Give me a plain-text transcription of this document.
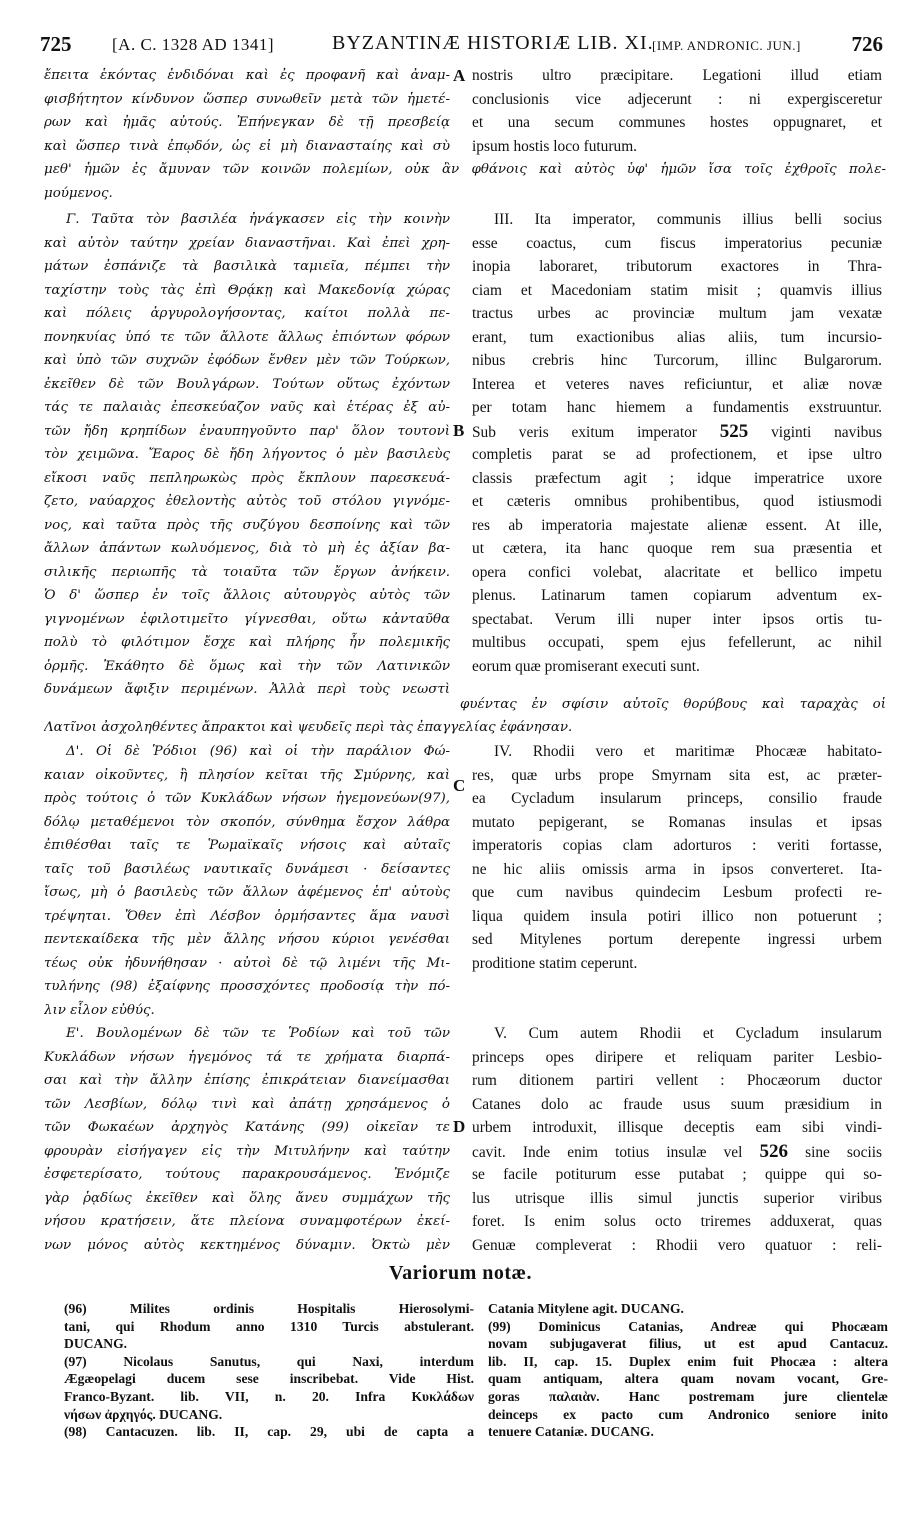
725 [A. C. 1328 AD 1341]	BYZANTINÆ HISTORIÆ LIB. XI.
[IMP. ANDRONIC. JUN.] 726
ἔπειτα ἑκόντας ἐνδιδόναι καὶ ἐς προφανῆ καὶ ἀναμ-
φισβήτητον κίνδυνον ὥσπερ συνωθεῖν μετὰ τῶν ἡμετέ-
ρων καὶ ἡμᾶς αὐτούς. Ἐπήνεγκαν δὲ τῇ πρεσβείᾳ
καὶ ὥσπερ τινὰ ἐπῳδόν, ὡς εἰ μὴ διαναστα‍ίης καὶ σὺ
A nostris ultro præcipitare. Legationi illud etiam
conclusionis vice adjecerunt : ni expergisceretur
et una secum communes hostes oppugnaret, et
ipsum hostis loco futurum.
μεθ' ἡμῶν ἐς ἄμυναν τῶν κοινῶν πολεμίων, οὐκ ἂν φθάνοις καὶ αὐτὸς ὑφ' ἡμῶν ἴσα τοῖς ἐχθροῖς πολε-
μούμενος.
Γ. Ταῦτα τὸν βασιλέα ἠνάγκασεν εἰς τὴν κοινὴν
καὶ αὐτὸν ταύτην χρείαν διαναστῆναι. Καὶ ἐπεὶ χρη-
μάτων ἐσπάνιζε τὰ βασιλικὰ ταμιεῖα, πέμπει τὴν
ταχίστην τοὺς τὰς ἐπὶ Θρᾴκῃ καὶ Μακεδονίᾳ χώρας
καὶ πόλεις ἀργυρολογήσοντας, καίτοι πολλὰ πε-
πονηκυίας ὑπό τε τῶν ἄλλοτε ἄλλως ἐπιόντων φόρων
καὶ ὑπὸ τῶν συχνῶν ἐφόδων ἔνθεν μὲν τῶν Τούρκων,
ἐκεῖθεν δὲ τῶν Βουλγάρων. Τούτων οὕτως ἐχόντων
τάς τε παλαιὰς ἐπεσκεύαζον ναῦς καὶ ἑτέρας ἐξ αὐ-
τῶν ἤδη κρηπίδων ἐναυπηγοῦντο παρ' ὅλον τουτονὶ
τὸν χειμῶνα. Ἔαρος δὲ ἤδη λήγοντος ὁ μὲν βασιλεὺς
εἴκοσι ναῦς πεπληρωκὼς πρὸς ἔκπλουν παρεσκευά-
ζετο, ναύαρχος ἐθελοντὴς αὐτὸς τοῦ στόλου γιγνόμε-
νος, καὶ ταῦτα πρὸς τῆς συζύγου δεσποίνης καὶ τῶν
ἄλλων ἁπάντων κωλυόμενος, διὰ τὸ μὴ ἐς ἀξίαν βα-
σιλικῆς περιωπῆς τὰ τοιαῦτα τῶν ἔργων ἀνήκειν.
Ὁ δ' ὥσπερ ἐν τοῖς ἄλλοις αὐτουργὸς αὐτὸς τῶν
γιγνομένων ἐφιλοτιμεῖτο γίγνεσθαι, οὕτω κἀνταῦθα
πολὺ τὸ φιλότιμον ἔσχε καὶ πλήρης ἦν πολεμικῆς
ὁρμῆς. Ἐκάθητο δὲ ὅμως καὶ τὴν τῶν Λατινικῶν
δυνάμεων ἄφιξιν περιμένων. Ἀλλὰ περὶ τοὺς νεωστὶ
B
III. Ita imperator, communis illius belli socius
esse coactus, cum fiscus imperatorius pecuniæ
inopia laboraret, tributorum exactores in Thra-
ciam et Macedoniam statim misit ; quamvis illius
tractus urbes ac provinciæ multum jam vexatæ
erant, tum exactionibus alias aliis, tum incursio-
nibus crebris hinc Turcorum, illinc Bulgarorum.
Interea et veteres naves reficiuntur, et aliæ novæ
per totam hanc hiemem a fundamentis exstruuntur.
Sub veris exitum imperator 525 viginti navibus
completis parat se ad profectionem, et ipse ultro
classis præfectum agit ; idque imperatrice uxore
et cæteris omnibus prohibentibus, quod istiusmodi
res ab imperatoria majestate alienæ essent. At ille,
ut cætera, ita hanc quoque rem sua præsentia et
opera confici volebat, alacritate et bellico impetu
plenus. Latinarum tamen copiarum adventum ex-
spectabat. Verum illi nuper inter ipsos ortis tu-
multibus occupati, spem ejus fefellerunt, ac nihil
eorum quæ promiserant executi sunt.
φυέντας ἐν σφίσιν αὐτοῖς θορύβους καὶ ταραχὰς οἱ
Λατῖνοι ἀσχοληθέντες ἄπρακτοι καὶ ψευδεῖς περὶ τὰς ἐπαγγελίας ἐφάνησαν.
Δ'. Οἱ δὲ Ῥόδιοι (96) καὶ οἱ τὴν παράλιον Φώ-
καιαν οἰκοῦντες, ἣ πλησίον κεῖται τῆς Σμύρνης, καὶ
πρὸς τούτοις ὁ τῶν Κυκλάδων νήσων ἡγεμονεύων(97),
δόλῳ μεταθέμενοι τὸν σκοπόν, σύνθημα ἔσχον λάθρα
ἐπιθέσθαι ταῖς τε Ῥωμαϊκαῖς νήσοις καὶ αὐταῖς
ταῖς τοῦ βασιλέως ναυτικαῖς δυνάμεσι · δείσαντες
ἴσως, μὴ ὁ βασιλεὺς τῶν ἄλλων ἀφέμενος ἐπ' αὐτοὺς
τρέψηται. Ὅθεν ἐπὶ Λέσβον ὁρμήσαντες ἅμα ναυσὶ
πεντεκαίδεκα τῆς μὲν ἄλλης νήσου κύριοι γενέσθαι
τέως οὐκ ἠδυνήθησαν · αὐτοὶ δὲ τῷ λιμένι τῆς Μι-
τυλήνης (98) ἐξαίφνης προσσχόντες προδοσίᾳ τὴν πό-
λιν εἷλον εὐθύς.
C
IV. Rhodii vero et maritimæ Phocææ habitato-
res, quæ urbs prope Smyrnam sita est, ac præter-
ea Cycladum insularum princeps, consilio fraude
mutato pepigerant, se Romanas insulas et ipsas
imperatoris copias clam adorturos : veriti fortasse,
ne hic aliis omissis arma in ipsos converteret. Ita-
que cum navibus quindecim Lesbum profecti re-
liqua quidem insula potiri illico non potuerunt ;
sed Mitylenes portum derepente ingressi urbem
proditione statim ceperunt.
Ε'. Βουλομένων δὲ τῶν τε Ῥοδίων καὶ τοῦ τῶν
Κυκλάδων νήσων ἡγεμόνος τά τε χρήματα διαρπά-
σαι καὶ τὴν ἄλλην ἐπίσης ἐπικράτειαν διανείμασθαι
τῶν Λεσβίων, δόλῳ τινὶ καὶ ἀπάτῃ χρησάμενος ὁ
τῶν Φωκαέων ἀρχηγὸς Κατάνης (99) οἰκεῖαν τε
φρουρὰν εἰσήγαγεν εἰς τὴν Μιτυλήνην καὶ ταύτην
ἐσφετερίσατο, τούτους παρακρουσάμενος. Ἐνόμιζε
γὰρ ῥᾳδίως ἐκεῖθεν καὶ ὅλης ἄνευ συμμάχων τῆς
νήσου κρατήσειν, ἅτε πλείονα συναμφοτέρων ἐκεί-
νων μόνος αὐτὸς κεκτημένος δύναμιν. Ὀκτὼ μὲν
D
V. Cum autem Rhodii et Cycladum insularum
princeps opes diripere et reliquam pariter Lesbio-
rum ditionem partiri vellent : Phocæorum ductor
Catanes dolo ac fraude usus suum præsidium in
urbem introduxit, illisque deceptis eam sibi vindi-
cavit. Inde enim totius insulæ vel 526 sine sociis
se facile potiturum esse putabat ; quippe qui so-
lus utrisque illis simul junctis superior viribus
foret. Is enim solus octo triremes adduxerat, quas
Genuæ compleverat : Rhodii vero quatuor : reli-
Variorum notæ.
(96) Milites ordinis Hospitalis Hierosolymi-
tani, qui Rhodum anno 1310 Turcis abstulerant.
DUCANG.
(97) Nicolaus Sanutus, qui Naxi, interdum
Ægæopelagi ducem sese inscribebat. Vide Hist.
Franco-Byzant. lib. VII, n. 20. Infra Κυκλάδων
νήσων ἀρχηγός. DUCANG.
(98) Cantacuzen. lib. II, cap. 29, ubi de capta a
Catania Mitylene agit. DUCANG.
(99) Dominicus Catanias, Andreæ qui Phocæam
novam subjugaverat filius, ut est apud Cantacuz.
lib. II, cap. 15. Duplex enim fuit Phocæa : altera
quam antiquam, altera quam novam vocant, Gre-
goras παλαιὰν. Hanc postremam jure clientelæ
deinceps ex pacto cum Andronico seniore inito
tenuere Cataniæ. DUCANG.
